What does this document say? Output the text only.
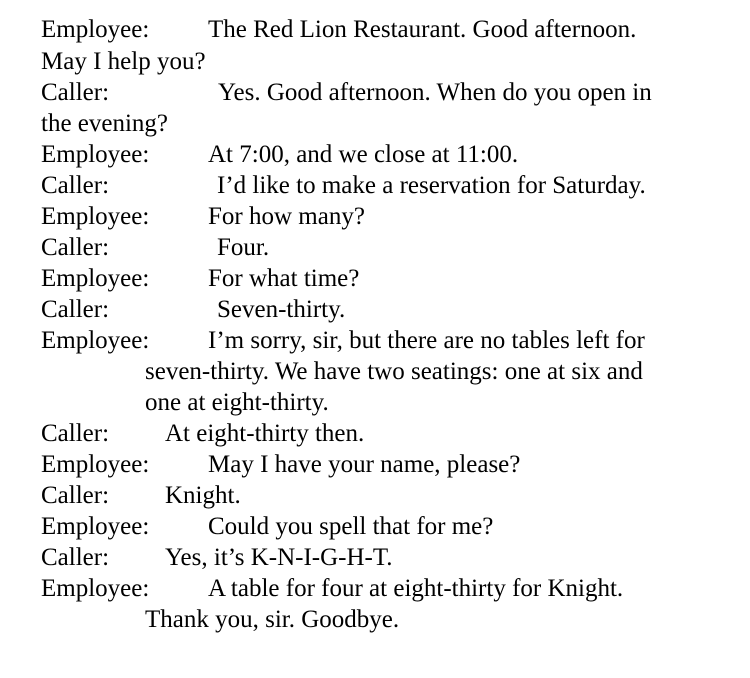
Employee: The Red Lion Restaurant. Good afternoon.
May I help you?
Caller:	Yes. Good afternoon. When do you open in
the evening?
Employee: At 7:00, and we close at 11:00.
Caller:	I’d like to make a reservation for Saturday.
Employee: For how many?
Caller:	Four.
Employee: For what time?
Caller:	Seven-thirty.
Employee: I’m sorry, sir, but there are no tables left for
seven-thirty. We have two seatings: one at six and
one at eight-thirty.
Caller: At eight-thirty then.
Employee: May I have your name, please?
Caller: Knight.
Employee: Could you spell that for me?
Caller: Yes, it’s K-N-I-G-H-T.
Employee: A table for four at eight-thirty for Knight.
Thank you, sir. Goodbye.
